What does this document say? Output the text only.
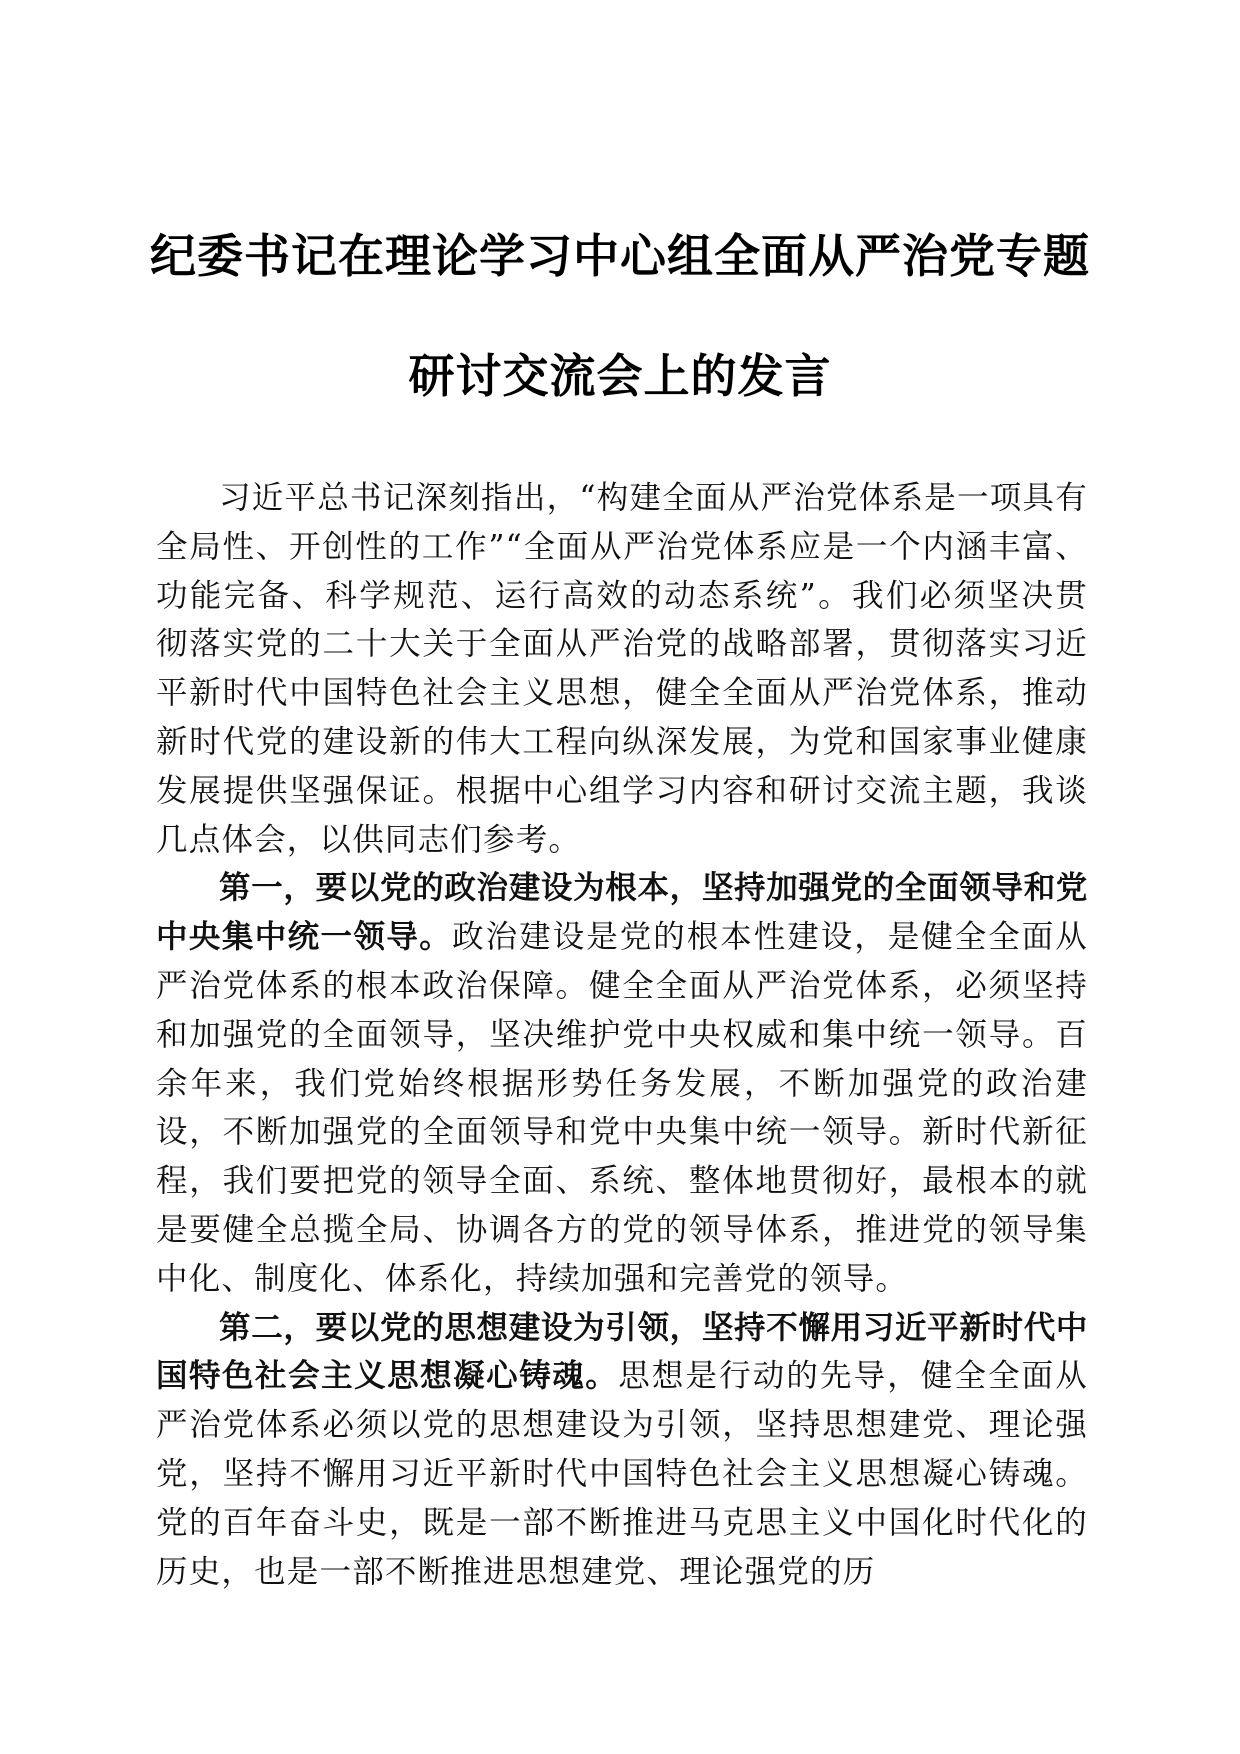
纪委书记在理论学习中心组全面从严治党专题
研讨交流会上的发言

习近平总书记深刻指出，“构建全面从严治党体系是一项具有全局性、开创性的工作”“全面从严治党体系应是一个内涵丰富、功能完备、科学规范、运行高效的动态系统”。我们必须坚决贯彻落实党的二十大关于全面从严治党的战略部署，贯彻落实习近平新时代中国特色社会主义思想，健全全面从严治党体系，推动新时代党的建设新的伟大工程向纵深发展，为党和国家事业健康发展提供坚强保证。根据中心组学习内容和研讨交流主题，我谈几点体会，以供同志们参考。

第一，要以党的政治建设为根本，坚持加强党的全面领导和党中央集中统一领导。政治建设是党的根本性建设，是健全全面从严治党体系的根本政治保障。健全全面从严治党体系，必须坚持和加强党的全面领导，坚决维护党中央权威和集中统一领导。百余年来，我们党始终根据形势任务发展，不断加强党的政治建设，不断加强党的全面领导和党中央集中统一领导。新时代新征程，我们要把党的领导全面、系统、整体地贯彻好，最根本的就是要健全总揽全局、协调各方的党的领导体系，推进党的领导集中化、制度化、体系化，持续加强和完善党的领导。

第二，要以党的思想建设为引领，坚持不懈用习近平新时代中国特色社会主义思想凝心铸魂。思想是行动的先导，健全全面从严治党体系必须以党的思想建设为引领，坚持思想建党、理论强党，坚持不懈用习近平新时代中国特色社会主义思想凝心铸魂。党的百年奋斗史，既是一部不断推进马克思主义中国化时代化的历史，也是一部不断推进思想建党、理论强党的历
